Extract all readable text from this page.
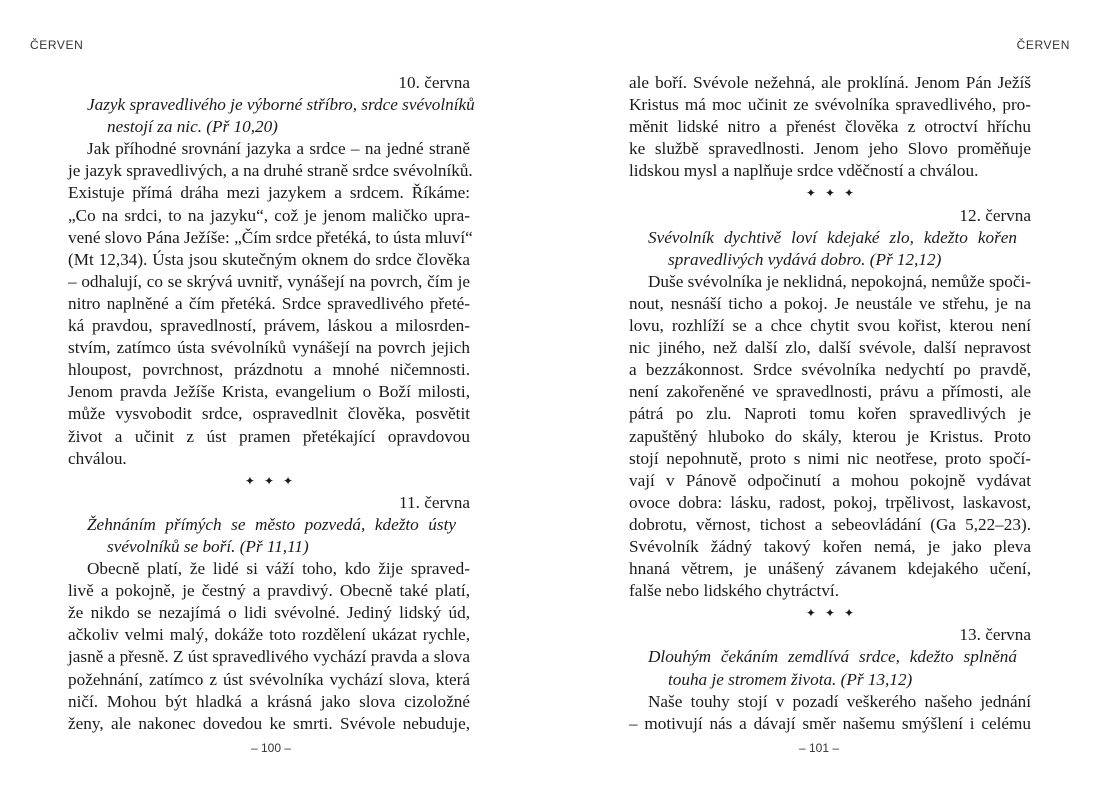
ČERVEN
10. června
Jazyk spravedlivého je výborné stříbro, srdce svévolníků
nestojí za nic. (Př 10,20)
Jak příhodné srovnání jazyka a srdce – na jedné straně
je jazyk spravedlivých, a na druhé straně srdce svévolníků.
Existuje přímá dráha mezi jazykem a srdcem. Říkáme:
„Co na srdci, to na jazyku“, což je jenom maličko upra-
vené slovo Pána Ježíše: „Čím srdce přetéká, to ústa mluví“
(Mt 12,34). Ústa jsou skutečným oknem do srdce člověka
– odhalují, co se skrývá uvnitř, vynášejí na povrch, čím je
nitro naplněné a čím přetéká. Srdce spravedlivého přeté-
ká pravdou, spravedlností, právem, láskou a milosrden-
stvím, zatímco ústa svévolníků vynášejí na povrch jejich
hloupost, povrchnost, prázdnotu a mnohé ničemnosti.
Jenom pravda Ježíše Krista, evangelium o Boží milosti,
může vysvobodit srdce, ospravedlnit člověka, posvětit
život a učinit z úst pramen přetékající opravdovou
chválou.
✦✦✦
11. června
Žehnáním přímých se město pozvedá, kdežto ústy
svévolníků se boří. (Př 11,11)
Obecně platí, že lidé si váží toho, kdo žije spraved-
livě a pokojně, je čestný a pravdivý. Obecně také platí,
že nikdo se nezajímá o lidi svévolné. Jediný lidský úd,
ačkoliv velmi malý, dokáže toto rozdělení ukázat rychle,
jasně a přesně. Z úst spravedlivého vychází pravda a slova
požehnání, zatímco z úst svévolníka vychází slova, která
ničí. Mohou být hladká a krásná jako slova cizoložné
ženy, ale nakonec dovedou ke smrti. Svévole nebuduje,
– 100 –
ČERVEN
ale boří. Svévole nežehná, ale proklíná. Jenom Pán Ježíš
Kristus má moc učinit ze svévolníka spravedlivého, pro-
měnit lidské nitro a přenést člověka z otroctví hříchu
ke službě spravedlnosti. Jenom jeho Slovo proměňuje
lidskou mysl a naplňuje srdce vděčností a chválou.
✦✦✦
12. června
Svévolník dychtivě loví kdejaké zlo, kdežto kořen
spravedlivých vydává dobro. (Př 12,12)
Duše svévolníka je neklidná, nepokojná, nemůže spoči-
nout, nesnáší ticho a pokoj. Je neustále ve střehu, je na
lovu, rozhlíží se a chce chytit svou kořist, kterou není
nic jiného, než další zlo, další svévole, další nepravost
a bezzákonnost. Srdce svévolníka nedychtí po pravdě,
není zakořeněné ve spravedlnosti, právu a přímosti, ale
pátrá po zlu. Naproti tomu kořen spravedlivých je
zapuštěný hluboko do skály, kterou je Kristus. Proto
stojí nepohnutě, proto s nimi nic neotřese, proto spočí-
vají v Pánově odpočinutí a mohou pokojně vydávat
ovoce dobra: lásku, radost, pokoj, trpělivost, laskavost,
dobrotu, věrnost, tichost a sebeovládání (Ga 5,22–23).
Svévolník žádný takový kořen nemá, je jako pleva
hnaná větrem, je unášený závanem kdejakého učení,
falše nebo lidského chytráctví.
✦✦✦
13. června
Dlouhým čekáním zemdlívá srdce, kdežto splněná
touha je stromem života. (Př 13,12)
Naše touhy stojí v pozadí veškerého našeho jednání
– motivují nás a dávají směr našemu smýšlení i celému
– 101 –
